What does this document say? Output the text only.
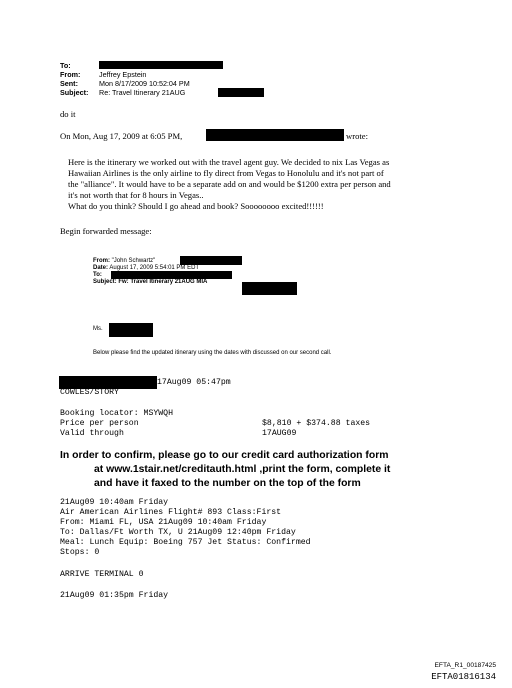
To:
From:	Jeffrey Epstein
Sent:	Mon 8/17/2009 10:52:04 PM
Subject: Re: Travel Itinerary 21AUG
do it
On Mon, Aug 17, 2009 at 6:05 PM,	wrote:
Here is the itinerary we worked out with the travel agent guy. We decided to nix Las Vegas as
Hawaiian Airlines is the only airline to fly direct from Vegas to Honolulu and it's not part of
the "alliance". It would have to be a separate add on and would be $1200 extra per person and
it's not worth that for 8 hours in Vegas..
What do you think? Should I go ahead and book? Soooooooo excited!!!!!!
Begin forwarded message:
From: "John Schwartz"
Date: August 17, 2009 5:54:01 PM EDT
To:
Subject: Fw: Travel Itinerary 21AUG MIA
Ms.
Below please find the updated itinerary using the dates with discussed on our second call.
17Aug09 05:47pm
COWLES/STORY
Booking locator: MSYWQH
Price per person	$8,810 + $374.88 taxes
Valid through	17AUG09
In order to confirm, please go to our credit card authorization form
at www.1stair.net/creditauth.html ,print the form, complete it
and have it faxed to the number on the top of the form
21Aug09 10:40am Friday
Air American Airlines Flight# 893 Class:First
From: Miami FL, USA 21Aug09 10:40am Friday
To: Dallas/Ft Worth TX, U 21Aug09 12:40pm Friday
Meal: Lunch Equip: Boeing 757 Jet Status: Confirmed
Stops: 0
ARRIVE TERMINAL 0
21Aug09 01:35pm Friday
EFTA_R1_00187425
EFTA01816134
